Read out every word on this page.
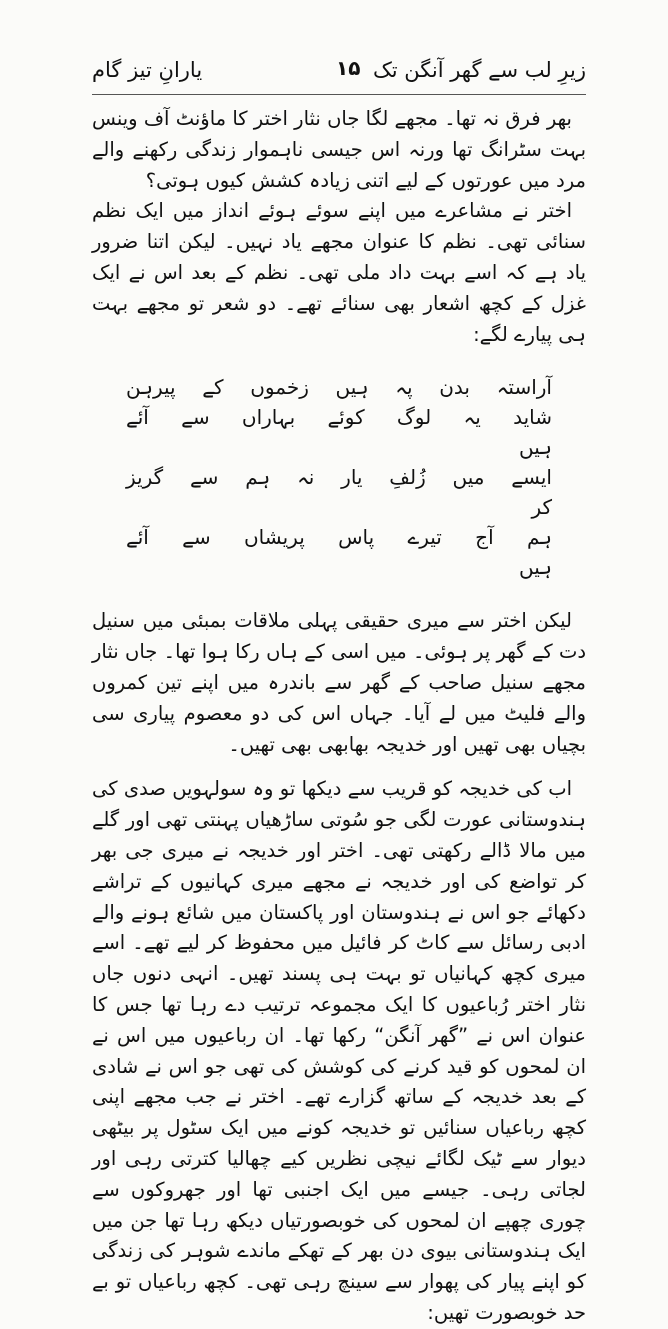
یارانِ تیز گام	۱۵ زیرِ لب سے گھر آنگن تک

بھر فرق نہ تھا۔ مجھے لگا جاں نثار اختر کا ماؤنٹ آف وینس بہت سٹرانگ تھا ورنہ اس جیسی ناہموار زندگی رکھنے والے مرد میں عورتوں کے لیے اتنی زیادہ کشش کیوں ہوتی؟

اختر نے مشاعرے میں اپنے سوئے ہوئے انداز میں ایک نظم سنائی تھی۔ نظم کا عنوان مجھے یاد نہیں۔ لیکن اتنا ضرور یاد ہے کہ اسے بہت داد ملی تھی۔ نظم کے بعد اس نے ایک غزل کے کچھ اشعار بھی سنائے تھے۔ دو شعر تو مجھے بہت ہی پیارے لگے:

آراستہ بدن پہ ہیں زخموں کے پیرہن
شاید یہ لوگ کوئے بہاراں سے آئے ہیں
ایسے میں زُلفِ یار نہ ہم سے گریز کر
ہم آج تیرے پاس پریشاں سے آئے ہیں

لیکن اختر سے میری حقیقی پہلی ملاقات بمبئی میں سنیل دت کے گھر پر ہوئی۔ میں اسی کے ہاں رکا ہوا تھا۔ جاں نثار مجھے سنیل صاحب کے گھر سے باندرہ میں اپنے تین کمروں والے فلیٹ میں لے آیا۔ جہاں اس کی دو معصوم پیاری سی بچیاں بھی تھیں اور خدیجہ بھابھی بھی تھیں۔

اب کی خدیجہ کو قریب سے دیکھا تو وہ سولہویں صدی کی ہندوستانی عورت لگی جو سُوتی ساڑھیاں پہنتی تھی اور گلے میں مالا ڈالے رکھتی تھی۔ اختر اور خدیجہ نے میری جی بھر کر تواضع کی اور خدیجہ نے مجھے میری کہانیوں کے تراشے دکھائے جو اس نے ہندوستان اور پاکستان میں شائع ہونے والے ادبی رسائل سے کاٹ کر فائیل میں محفوظ کر لیے تھے۔ اسے میری کچھ کہانیاں تو بہت ہی پسند تھیں۔ انہی دنوں جاں نثار اختر رُباعیوں کا ایک مجموعہ ترتیب دے رہا تھا جس کا عنوان اس نے ”گھر آنگن“ رکھا تھا۔ ان رباعیوں میں اس نے ان لمحوں کو قید کرنے کی کوشش کی تھی جو اس نے شادی کے بعد خدیجہ کے ساتھ گزارے تھے۔ اختر نے جب مجھے اپنی کچھ رباعیاں سنائیں تو خدیجہ کونے میں ایک سٹول پر بیٹھی دیوار سے ٹیک لگائے نیچی نظریں کیے چھالیا کترتی رہی اور لجاتی رہی۔ جیسے میں ایک اجنبی تھا اور جھروکوں سے چوری چھپے ان لمحوں کی خوبصورتیاں دیکھ رہا تھا جن میں ایک ہندوستانی بیوی دن بھر کے تھکے ماندے شوہر کی زندگی کو اپنے پیار کی پھوار سے سینچ رہی تھی۔ کچھ رباعیاں تو بے حد خوبصورت تھیں:
